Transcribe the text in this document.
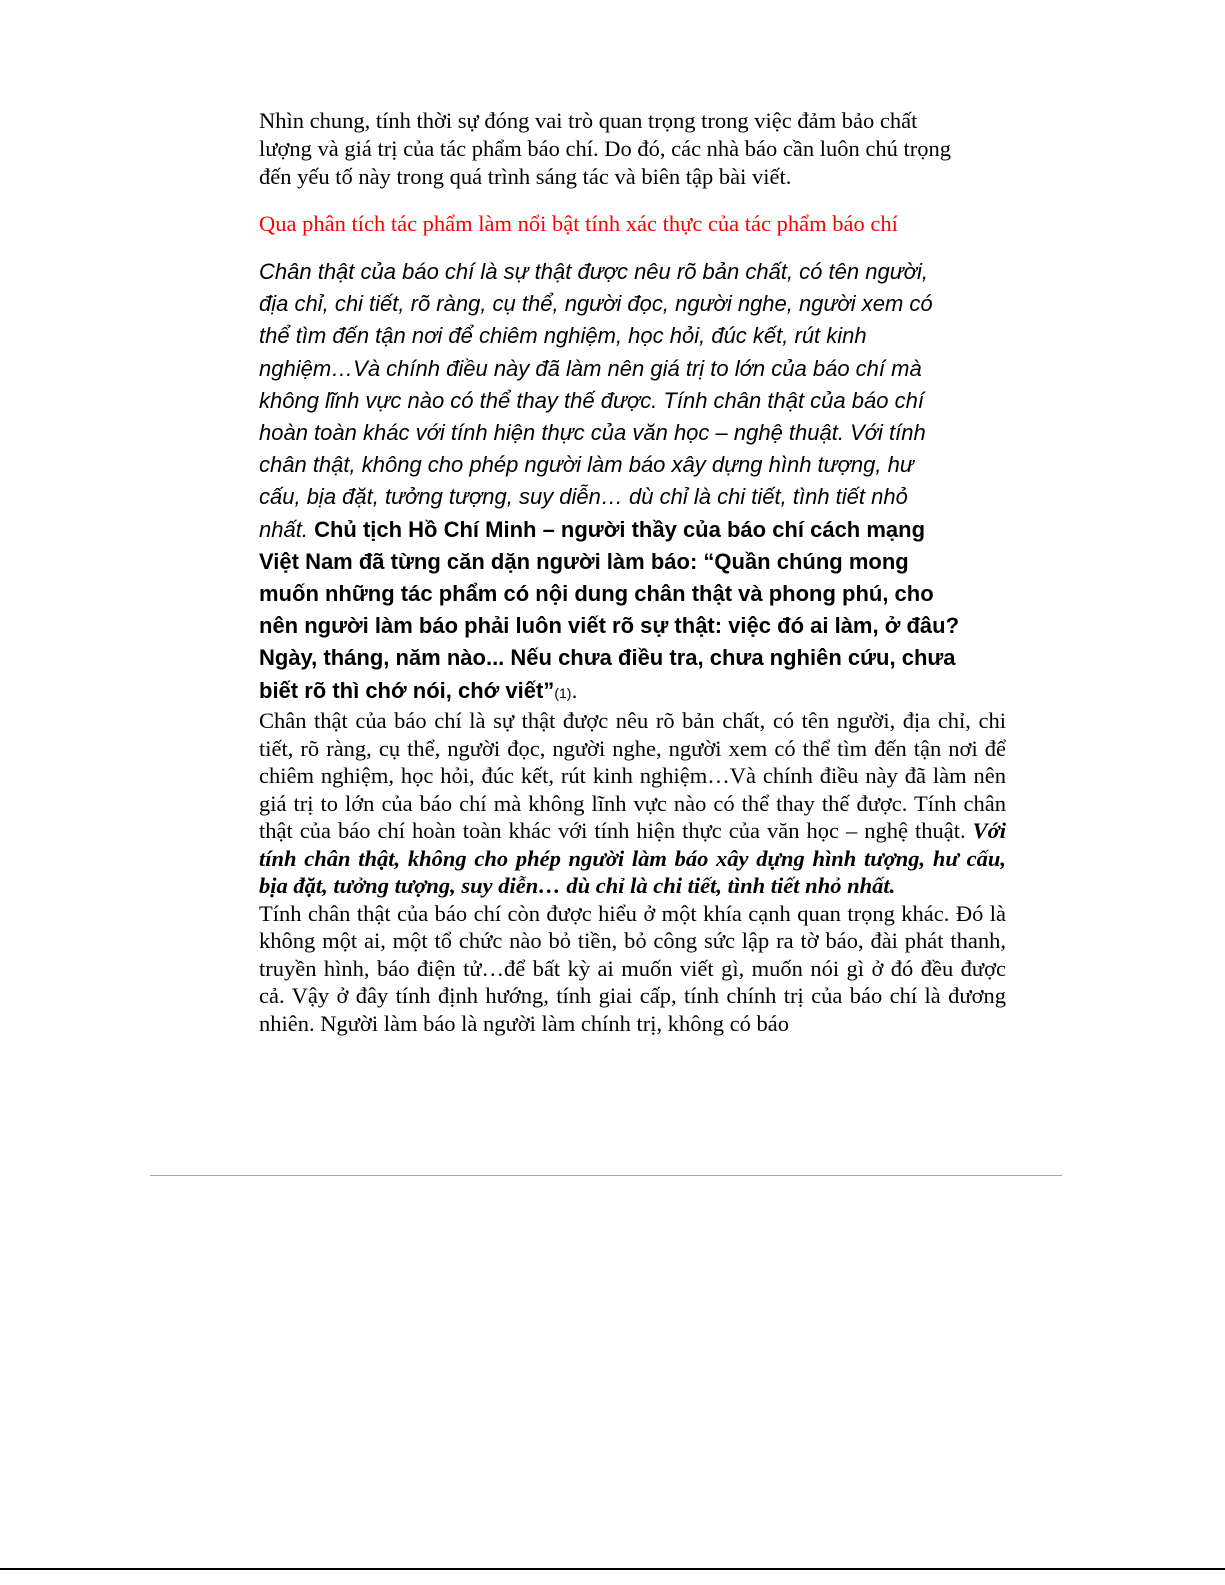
Nhìn chung, tính thời sự đóng vai trò quan trọng trong việc đảm bảo chất lượng và giá trị của tác phẩm báo chí. Do đó, các nhà báo cần luôn chú trọng đến yếu tố này trong quá trình sáng tác và biên tập bài viết.

Qua phân tích tác phẩm làm nổi bật tính xác thực của tác phẩm báo chí

Chân thật của báo chí là sự thật được nêu rõ bản chất, có tên người, địa chỉ, chi tiết, rõ ràng, cụ thể, người đọc, người nghe, người xem có thể tìm đến tận nơi để chiêm nghiệm, học hỏi, đúc kết, rút kinh nghiệm…Và chính điều này đã làm nên giá trị to lớn của báo chí mà không lĩnh vực nào có thể thay thế được. Tính chân thật của báo chí hoàn toàn khác với tính hiện thực của văn học – nghệ thuật. Với tính chân thật, không cho phép người làm báo xây dựng hình tượng, hư cấu, bịa đặt, tưởng tượng, suy diễn… dù chỉ là chi tiết, tình tiết nhỏ nhất. Chủ tịch Hồ Chí Minh – người thầy của báo chí cách mạng Việt Nam đã từng căn dặn người làm báo: “Quần chúng mong muốn những tác phẩm có nội dung chân thật và phong phú, cho nên người làm báo phải luôn viết rõ sự thật: việc đó ai làm, ở đâu? Ngày, tháng, năm nào... Nếu chưa điều tra, chưa nghiên cứu, chưa biết rõ thì chớ nói, chớ viết”(1).

Chân thật của báo chí là sự thật được nêu rõ bản chất, có tên người, địa chỉ, chi tiết, rõ ràng, cụ thể, người đọc, người nghe, người xem có thể tìm đến tận nơi để chiêm nghiệm, học hỏi, đúc kết, rút kinh nghiệm…Và chính điều này đã làm nên giá trị to lớn của báo chí mà không lĩnh vực nào có thể thay thế được. Tính chân thật của báo chí hoàn toàn khác với tính hiện thực của văn học – nghệ thuật. Với tính chân thật, không cho phép người làm báo xây dựng hình tượng, hư cấu, bịa đặt, tưởng tượng, suy diễn… dù chỉ là chi tiết, tình tiết nhỏ nhất.

Tính chân thật của báo chí còn được hiểu ở một khía cạnh quan trọng khác. Đó là không một ai, một tổ chức nào bỏ tiền, bỏ công sức lập ra tờ báo, đài phát thanh, truyền hình, báo điện tử…để bất kỳ ai muốn viết gì, muốn nói gì ở đó đều được cả. Vậy ở đây tính định hướng, tính giai cấp, tính chính trị của báo chí là đương nhiên. Người làm báo là người làm chính trị, không có báo
